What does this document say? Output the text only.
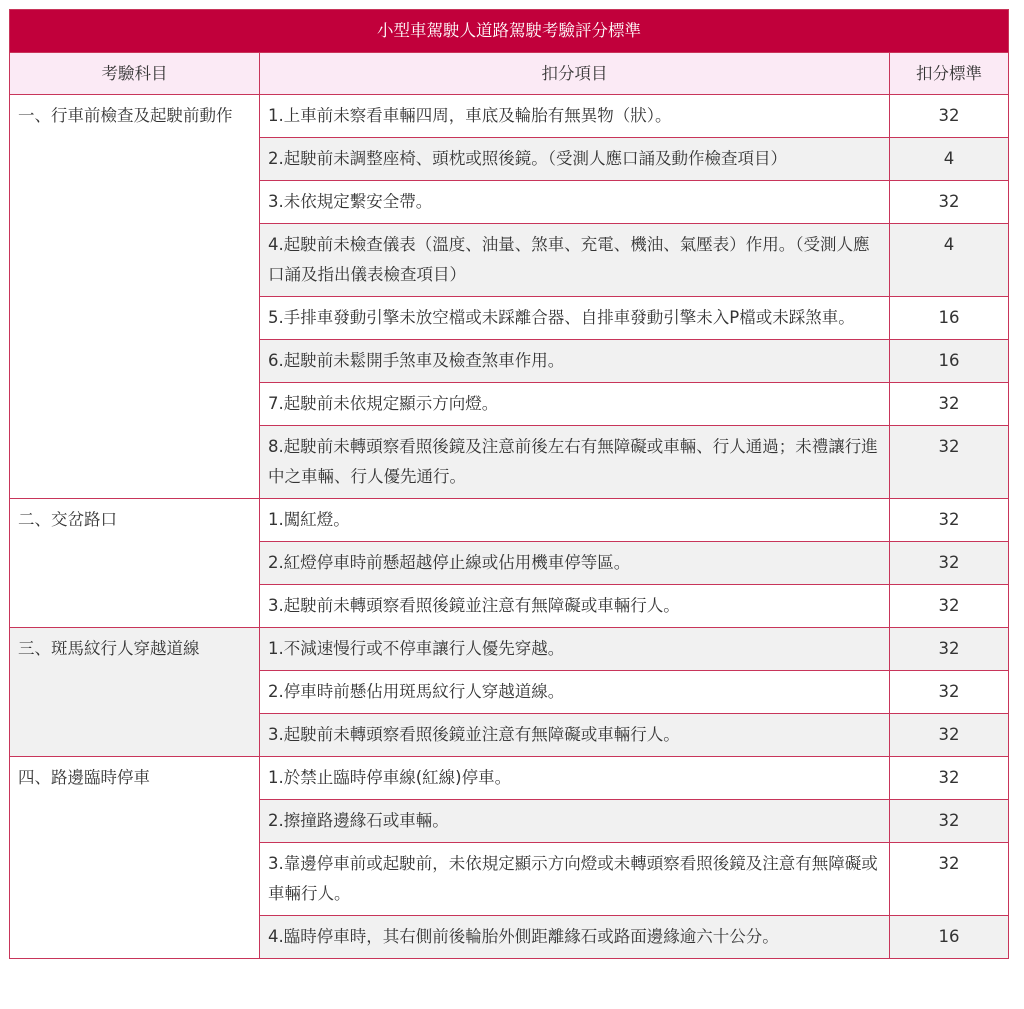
小型車駕駛人道路駕駛考驗評分標準		
考驗科目	扣分項目	扣分標準
一、行車前檢查及起駛前動作	1.上車前未察看車輛四周，車底及輪胎有無異物（狀）。	32
	2.起駛前未調整座椅、頭枕或照後鏡。（受測人應口誦及動作檢查項目）	4
	3.未依規定繫安全帶。	32
	4.起駛前未檢查儀表（溫度、油量、煞車、充電、機油、氣壓表）作用。（受測人應口誦及指出儀表檢查項目）	4
	5.手排車發動引擎未放空檔或未踩離合器、自排車發動引擎未入P檔或未踩煞車。	16
	6.起駛前未鬆開手煞車及檢查煞車作用。	16
	7.起駛前未依規定顯示方向燈。	32
	8.起駛前未轉頭察看照後鏡及注意前後左右有無障礙或車輛、行人通過；未禮讓行進中之車輛、行人優先通行。	32
二、交岔路口	1.闖紅燈。	32
	2.紅燈停車時前懸超越停止線或佔用機車停等區。	32
	3.起駛前未轉頭察看照後鏡並注意有無障礙或車輛行人。	32
三、斑馬紋行人穿越道線	1.不減速慢行或不停車讓行人優先穿越。	32
	2.停車時前懸佔用斑馬紋行人穿越道線。	32
	3.起駛前未轉頭察看照後鏡並注意有無障礙或車輛行人。	32
四、路邊臨時停車	1.於禁止臨時停車線(紅線)停車。	32
	2.擦撞路邊緣石或車輛。	32
	3.靠邊停車前或起駛前，未依規定顯示方向燈或未轉頭察看照後鏡及注意有無障礙或車輛行人。	32
	4.臨時停車時，其右側前後輪胎外側距離緣石或路面邊緣逾六十公分。	16
